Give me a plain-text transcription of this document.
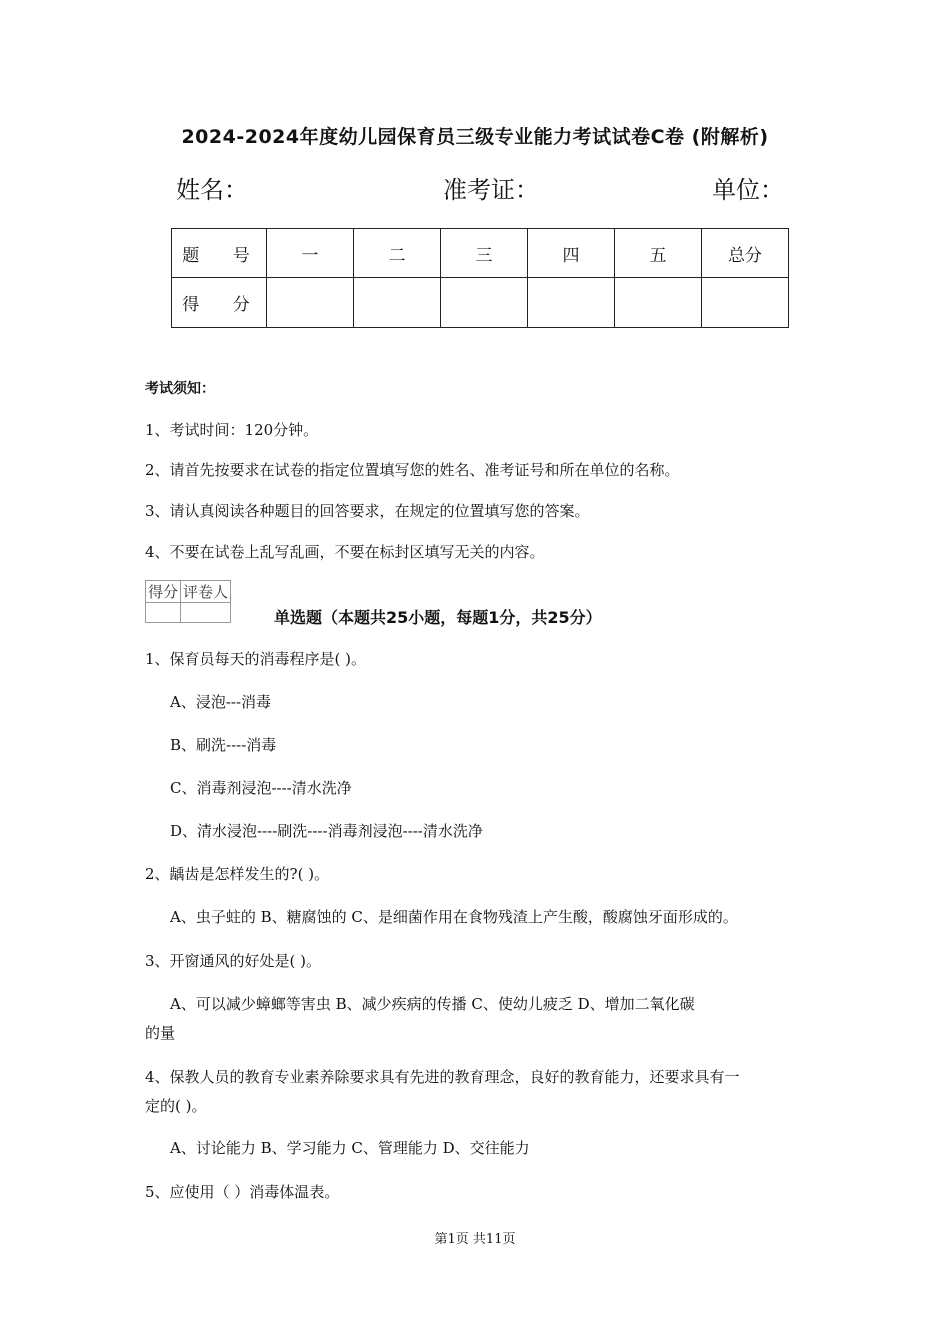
2024-2024年度幼儿园保育员三级专业能力考试试卷C卷 (附解析)
姓名：	准考证：	单位：
题 号	一	二	三	四	五	总分
得 分						
考试须知：
1、考试时间：120分钟。
2、请首先按要求在试卷的指定位置填写您的姓名、准考证号和所在单位的名称。
3、请认真阅读各种题目的回答要求，在规定的位置填写您的答案。
4、不要在试卷上乱写乱画，不要在标封区填写无关的内容。
得分	评卷人

单选题（本题共25小题，每题1分，共25分）
1、保育员每天的消毒程序是( )。
A、浸泡---消毒
B、刷洗----消毒
C、消毒剂浸泡----清水洗净
D、清水浸泡----刷洗----消毒剂浸泡----清水洗净
2、龋齿是怎样发生的?( )。
A、虫子蛀的 B、糖腐蚀的 C、是细菌作用在食物残渣上产生酸，酸腐蚀牙面形成的。
3、开窗通风的好处是( )。
A、可以减少蟑螂等害虫 B、减少疾病的传播 C、使幼儿疲乏 D、增加二氧化碳
的量
4、保教人员的教育专业素养除要求具有先进的教育理念，良好的教育能力，还要求具有一
定的( )。
A、讨论能力 B、学习能力 C、管理能力 D、交往能力
5、应使用（ ）消毒体温表。
第1页 共11页
